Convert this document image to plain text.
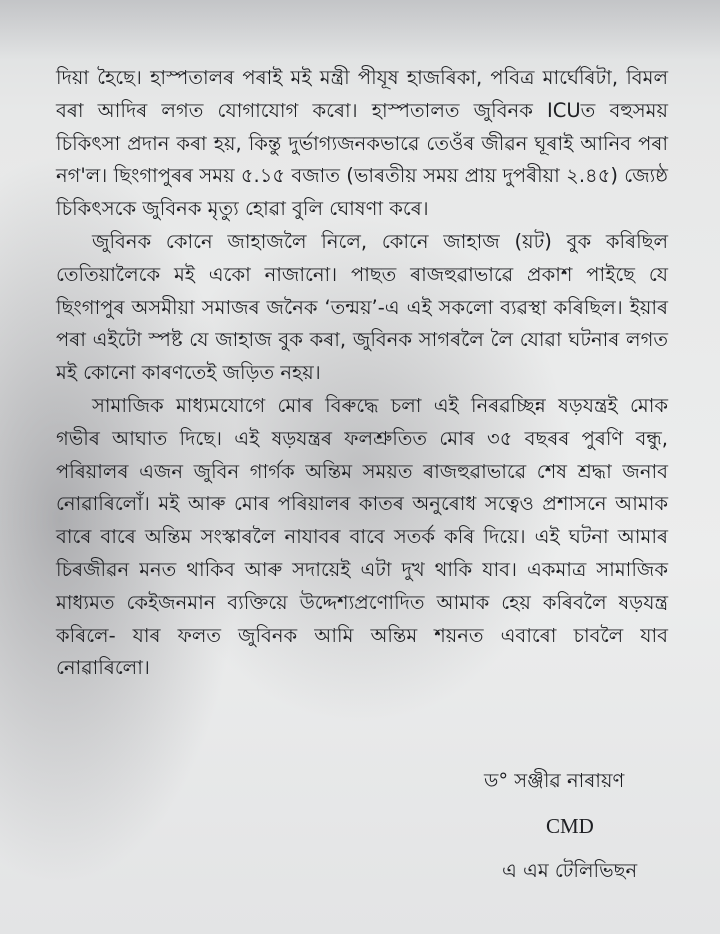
দিয়া হৈছে। হাস্পতালৰ পৰাই মই মন্ত্ৰী পীযূষ হাজৰিকা, পবিত্ৰ মাৰ্ঘেৰিটা, বিমল বৰা আদিৰ লগত যোগাযোগ কৰো। হাস্পতালত জুবিনক ICUত বহুসময় চিকিৎসা প্ৰদান কৰা হয়, কিন্তু দুৰ্ভাগ্যজনকভাৱে তেওঁৰ জীৱন ঘূৰাই আনিব পৰা নগ'ল। ছিংগাপুৰৰ সময় ৫.১৫ বজাত (ভাৰতীয় সময় প্ৰায় দুপৰীয়া ২.৪৫) জ্যেষ্ঠ চিকিৎসকে জুবিনক মৃত্যু হোৱা বুলি ঘোষণা কৰে।

জুবিনক কোনে জাহাজলৈ নিলে, কোনে জাহাজ (য়ট) বুক কৰিছিল তেতিয়ালৈকে মই একো নাজানো। পাছত ৰাজহুৱাভাৱে প্ৰকাশ পাইছে যে ছিংগাপুৰ অসমীয়া সমাজৰ জনৈক ‘তন্ময়’-এ এই সকলো ব্যৱস্থা কৰিছিল। ইয়াৰ পৰা এইটো স্পষ্ট যে জাহাজ বুক কৰা, জুবিনক সাগৰলৈ লৈ যোৱা ঘটনাৰ লগত মই কোনো কাৰণতেই জড়িত নহয়।

সামাজিক মাধ্যমযোগে মোৰ বিৰুদ্ধে চলা এই নিৰৱচ্ছিন্ন ষড়যন্ত্ৰই মোক গভীৰ আঘাত দিছে। এই ষড়যন্ত্ৰৰ ফলশ্ৰুতিত মোৰ ৩৫ বছৰৰ পুৰণি বন্ধু, পৰিয়ালৰ এজন জুবিন গাৰ্গক অন্তিম সময়ত ৰাজহুৱাভাৱে শেষ শ্ৰদ্ধা জনাব নোৱাৰিলোঁ। মই আৰু মোৰ পৰিয়ালৰ কাতৰ অনুৰোধ সত্বেও প্ৰশাসনে আমাক বাৰে বাৰে অন্তিম সংস্কাৰলৈ নাযাবৰ বাবে সতৰ্ক কৰি দিয়ে। এই ঘটনা আমাৰ চিৰজীৱন মনত থাকিব আৰু সদায়েই এটা দুখ থাকি যাব। একমাত্ৰ সামাজিক মাধ্যমত কেইজনমান ব্যক্তিয়ে উদ্দেশ্যপ্ৰণোদিত আমাক হেয় কৰিবলৈ ষড়যন্ত্ৰ কৰিলে- যাৰ ফলত জুবিনক আমি অন্তিম শয়নত এবাৰো চাবলৈ যাব নোৱাৰিলো।

ড° সঞ্জীৱ নাৰায়ণ
CMD
এ এম টেলিভিছন
